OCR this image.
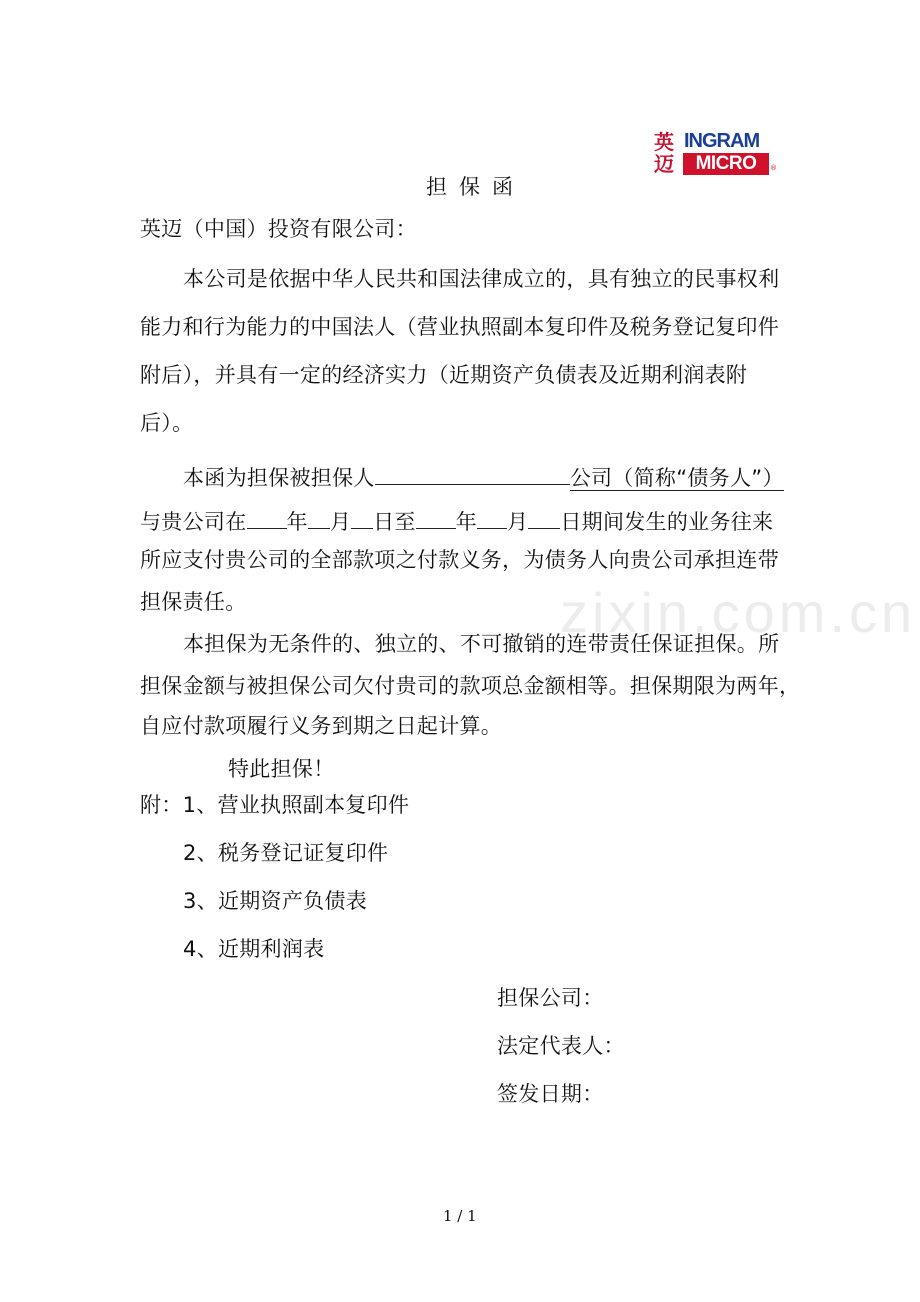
英
迈
INGRAM
MICRO	®
zixin.com.cn
担保函
英迈（中国）投资有限公司：
本公司是依据中华人民共和国法律成立的，具有独立的民事权利
能力和行为能力的中国法人（营业执照副本复印件及税务登记复印件
附后），并具有一定的经济实力（近期资产负债表及近期利润表附
后）。
本函为担保被担保人	公司（简称“债务人”）
与贵公司在 年 月 日至 年 月 日期间发生的业务往来
所应支付贵公司的全部款项之付款义务，为债务人向贵公司承担连带
担保责任。
本担保为无条件的、独立的、不可撤销的连带责任保证担保。所
担保金额与被担保公司欠付贵司的款项总金额相等。担保期限为两年，
自应付款项履行义务到期之日起计算。
特此担保！
附：1、营业执照副本复印件
2、税务登记证复印件
3、近期资产负债表
4、近期利润表
担保公司：
法定代表人：
签发日期：
1 / 1
